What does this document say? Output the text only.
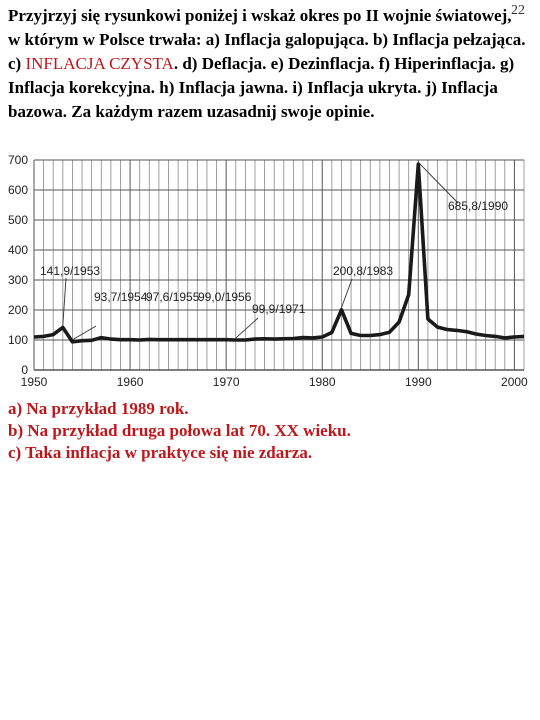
22

Przyjrzyj się rysunkowi poniżej i wskaż okres po II wojnie światowej, w którym w Polsce trwała: a) Inflacja galopująca. b) Inflacja pełzająca. c) INFLACJA CZYSTA. d) Deflacja. e) Dezinflacja. f) Hiperinflacja. g) Inflacja korekcyjna. h) Inflacja jawna. i) Inflacja ukryta. j) Inflacja bazowa. Za każdym razem uzasadnij swoje opinie.

0
100
200
300
400
500
600
700
1950	1960	1970	1980	1990	2000
141,9/1953
93,7/1954
97,6/1955
99,0/1956
99,9/1971
200,8/1983
685,8/1990
a) Na przykład 1989 rok.
b) Na przykład druga połowa lat 70. XX wieku.
c) Taka inflacja w praktyce się nie zdarza.
